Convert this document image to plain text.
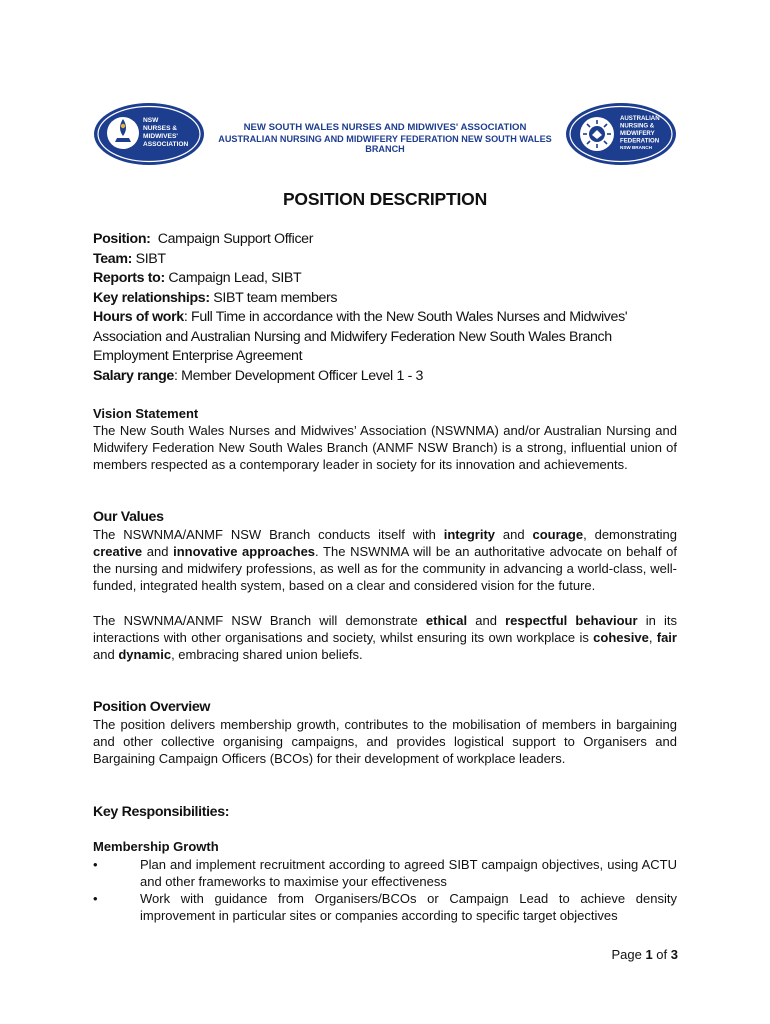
NSW
NURSES &
MIDWIVES'
ASSOCIATION
NEW SOUTH WALES NURSES AND MIDWIVES' ASSOCIATION
AUSTRALIAN NURSING AND MIDWIFERY FEDERATION NEW SOUTH WALES BRANCH
AUSTRALIAN
NURSING &
MIDWIFERY
FEDERATION
NSW BRANCH
POSITION DESCRIPTION

Position: Campaign Support Officer

Team: SIBT

Reports to: Campaign Lead, SIBT

Key relationships: SIBT team members

Hours of work: Full Time in accordance with the New South Wales Nurses and Midwives' Association and Australian Nursing and Midwifery Federation New South Wales Branch Employment Enterprise Agreement

Salary range: Member Development Officer Level 1 - 3

Vision Statement

The New South Wales Nurses and Midwives’ Association (NSWNMA) and/or Australian Nursing and Midwifery Federation New South Wales Branch (ANMF NSW Branch) is a strong, influential union of members respected as a contemporary leader in society for its innovation and achievements.

Our Values

The NSWNMA/ANMF NSW Branch conducts itself with integrity and courage, demonstrating creative and innovative approaches. The NSWNMA will be an authoritative advocate on behalf of the nursing and midwifery professions, as well as for the community in advancing a world-class, well-funded, integrated health system, based on a clear and considered vision for the future.

The NSWNMA/ANMF NSW Branch will demonstrate ethical and respectful behaviour in its interactions with other organisations and society, whilst ensuring its own workplace is cohesive, fair and dynamic, embracing shared union beliefs.

Position Overview

The position delivers membership growth, contributes to the mobilisation of members in bargaining and other collective organising campaigns, and provides logistical support to Organisers and Bargaining Campaign Officers (BCOs) for their development of workplace leaders.

Key Responsibilities:

Membership Growth

•	Plan and implement recruitment according to agreed SIBT campaign objectives, using ACTU and other frameworks to maximise your effectiveness

•	Work with guidance from Organisers/BCOs or Campaign Lead to achieve density improvement in particular sites or companies according to specific target objectives

Page 1 of 3
